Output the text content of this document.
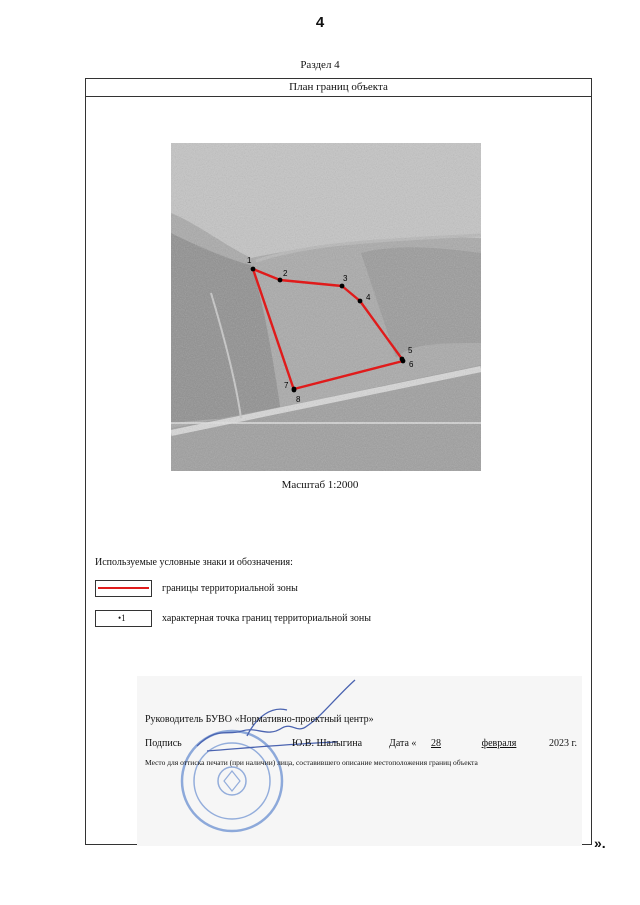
4
Раздел 4
План границ объекта
1
2
3
4
5
6
7
8
Масштаб 1:2000
Используемые условные знаки и обозначения:
границы территориальной зоны
•1	характерная точка границ территориальной зоны
Руководитель БУВО «Нормативно-проектный центр»
Подпись	Ю.В. Шалыгина	Дата «	28	февраля	2023 г.
Место для оттиска печати (при наличии) лица, составившего описание местоположения границ объекта
».
